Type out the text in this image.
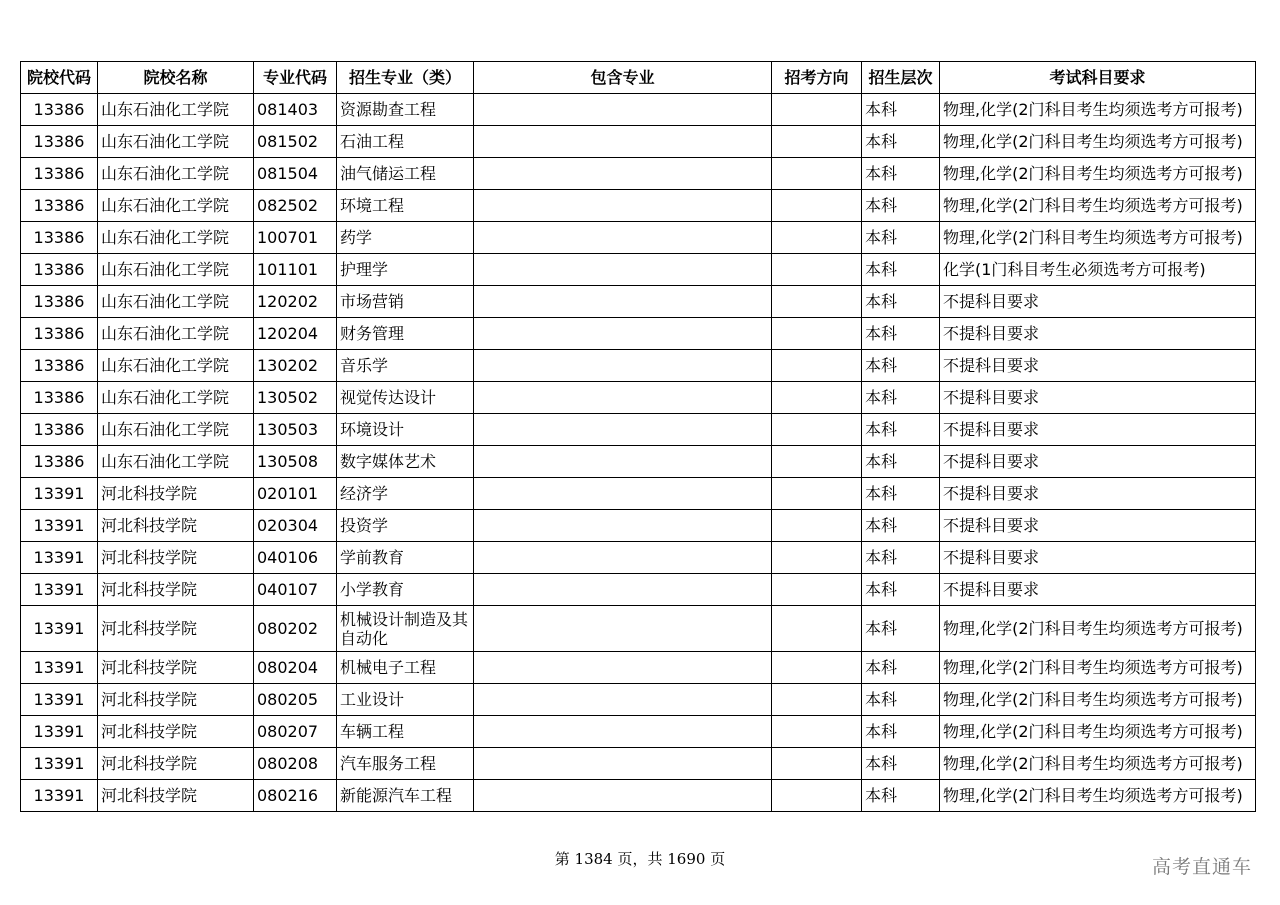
院校代码	院校名称	专业代码	招生专业（类）	包含专业	招考方向	招生层次	考试科目要求
13386	山东石油化工学院	081403	资源勘查工程			本科	物理,化学(2门科目考生均须选考方可报考)
13386	山东石油化工学院	081502	石油工程			本科	物理,化学(2门科目考生均须选考方可报考)
13386	山东石油化工学院	081504	油气储运工程			本科	物理,化学(2门科目考生均须选考方可报考)
13386	山东石油化工学院	082502	环境工程			本科	物理,化学(2门科目考生均须选考方可报考)
13386	山东石油化工学院	100701	药学			本科	物理,化学(2门科目考生均须选考方可报考)
13386	山东石油化工学院	101101	护理学			本科	化学(1门科目考生必须选考方可报考)
13386	山东石油化工学院	120202	市场营销			本科	不提科目要求
13386	山东石油化工学院	120204	财务管理			本科	不提科目要求
13386	山东石油化工学院	130202	音乐学			本科	不提科目要求
13386	山东石油化工学院	130502	视觉传达设计			本科	不提科目要求
13386	山东石油化工学院	130503	环境设计			本科	不提科目要求
13386	山东石油化工学院	130508	数字媒体艺术			本科	不提科目要求
13391	河北科技学院	020101	经济学			本科	不提科目要求
13391	河北科技学院	020304	投资学			本科	不提科目要求
13391	河北科技学院	040106	学前教育			本科	不提科目要求
13391	河北科技学院	040107	小学教育			本科	不提科目要求
13391	河北科技学院	080202	机械设计制造及其自动化			本科	物理,化学(2门科目考生均须选考方可报考)
13391	河北科技学院	080204	机械电子工程			本科	物理,化学(2门科目考生均须选考方可报考)
13391	河北科技学院	080205	工业设计			本科	物理,化学(2门科目考生均须选考方可报考)
13391	河北科技学院	080207	车辆工程			本科	物理,化学(2门科目考生均须选考方可报考)
13391	河北科技学院	080208	汽车服务工程			本科	物理,化学(2门科目考生均须选考方可报考)
13391	河北科技学院	080216	新能源汽车工程			本科	物理,化学(2门科目考生均须选考方可报考)
第 1384 页，共 1690 页	高考直通车
